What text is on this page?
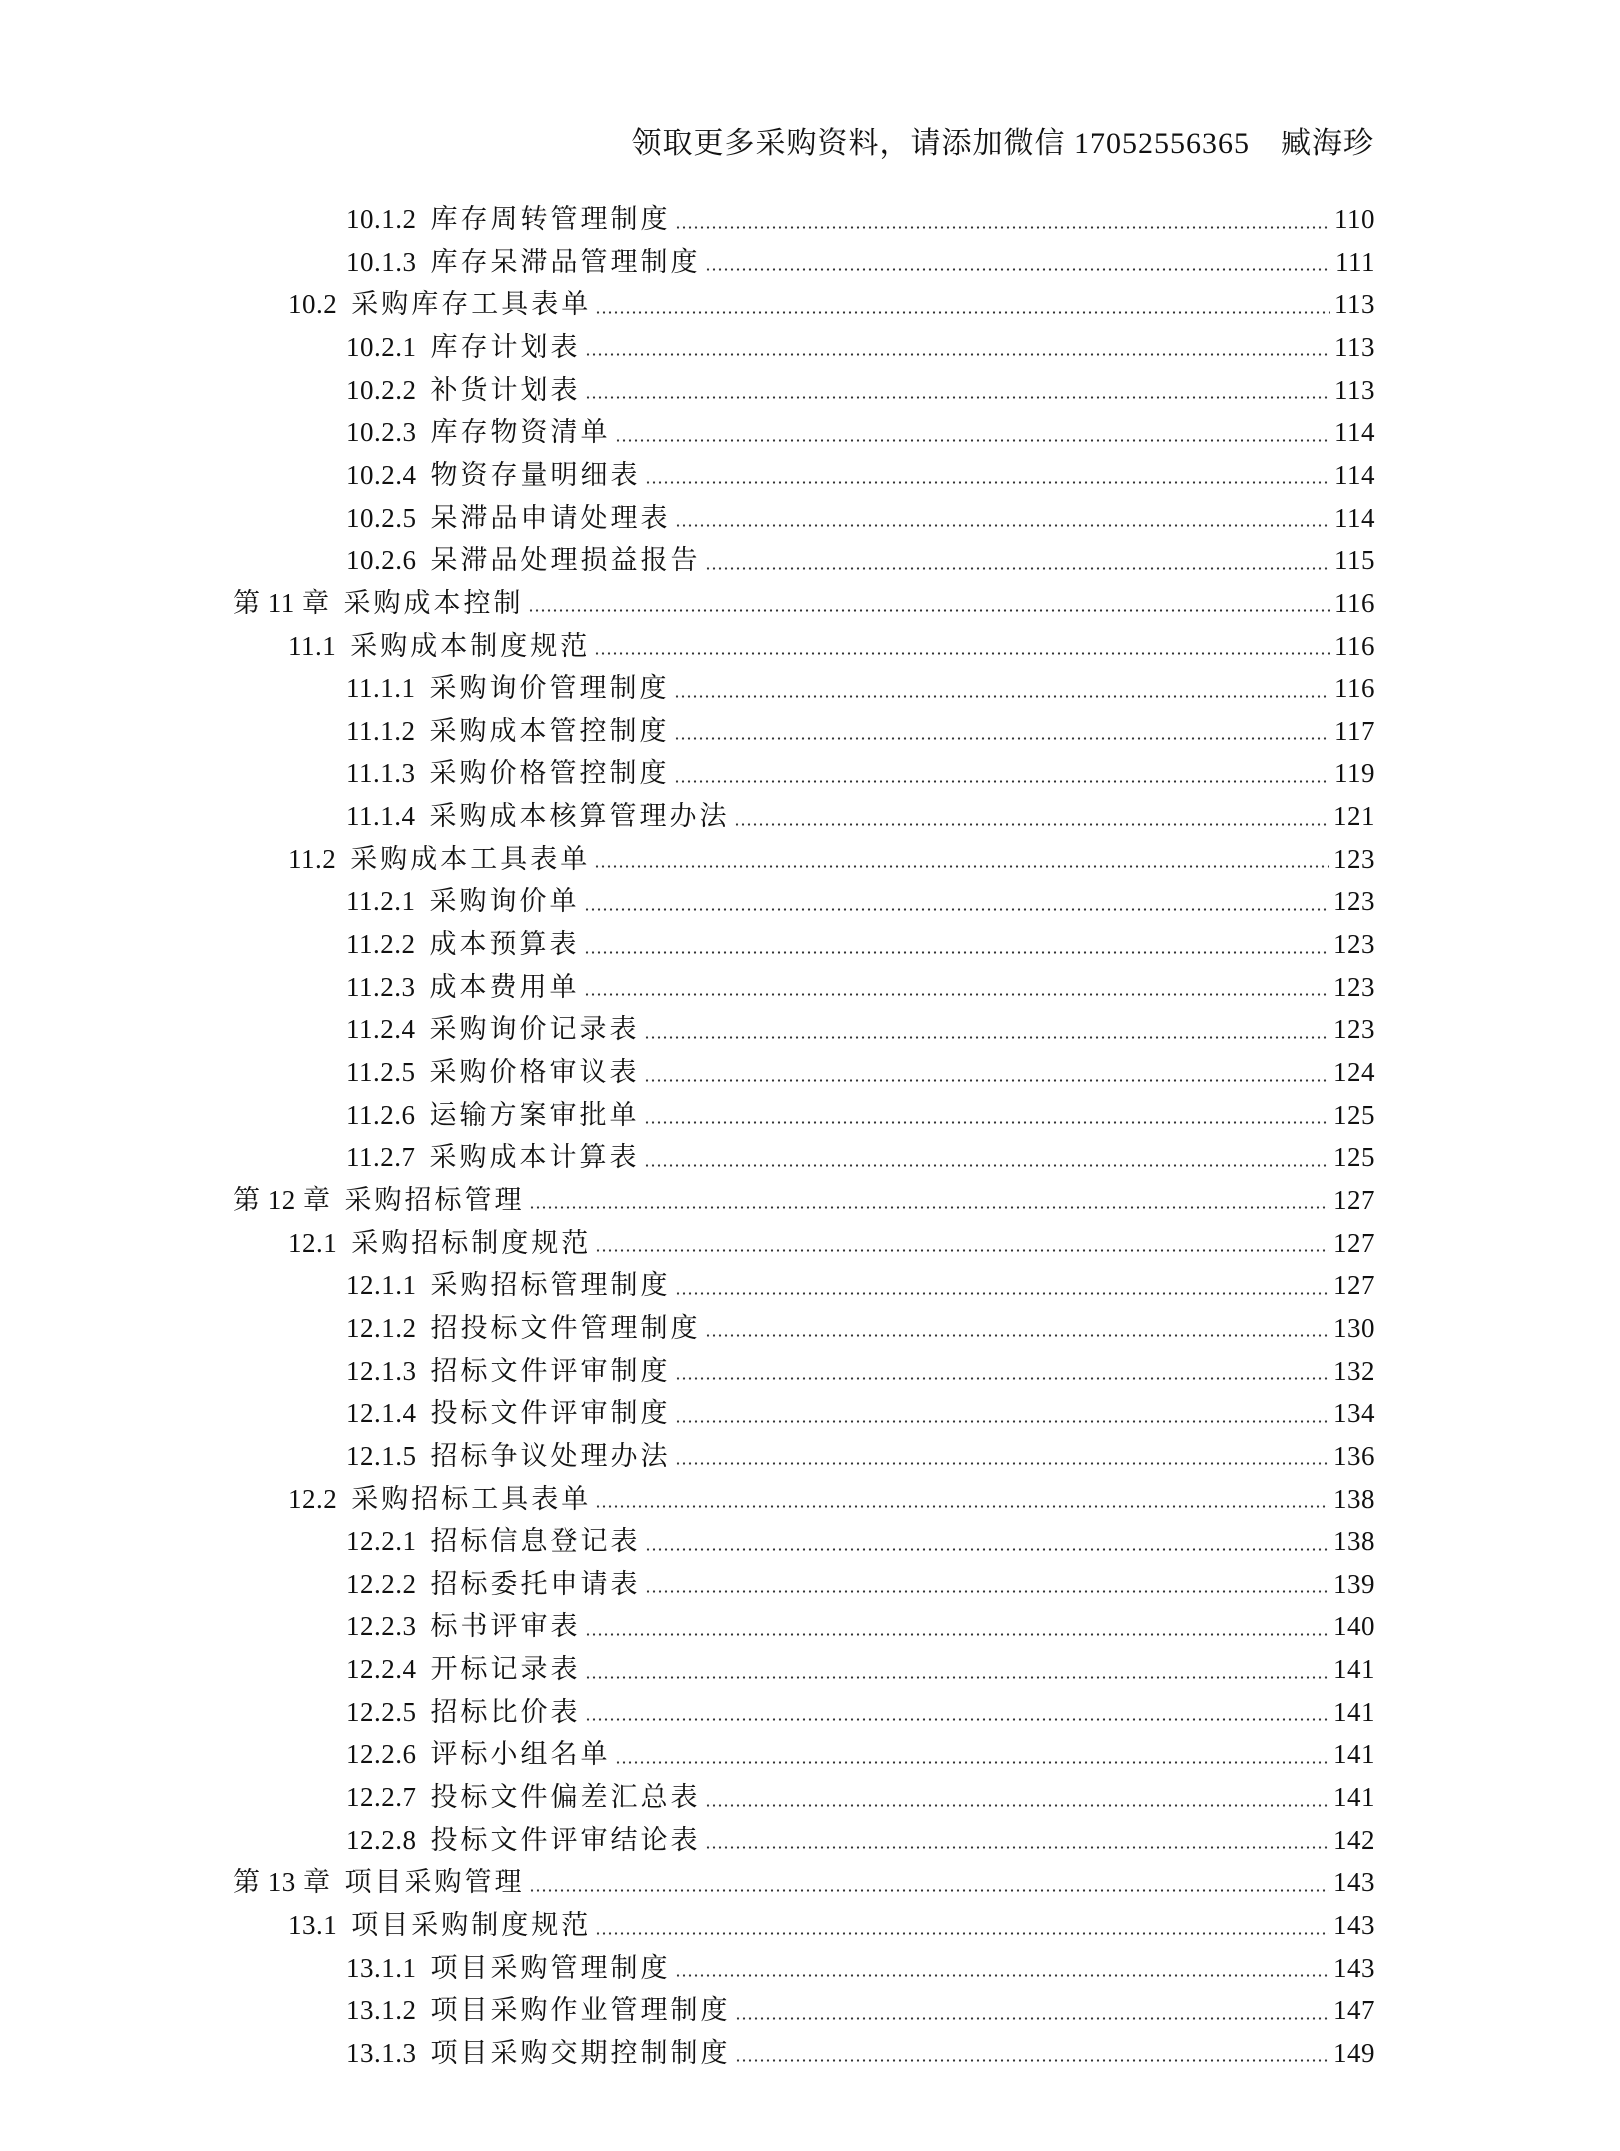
领取更多采购资料，请添加微信 17052556365　臧海珍
10.1.2 库存周转管理制度	110
10.1.3 库存呆滞品管理制度	111
10.2 采购库存工具表单	113
10.2.1 库存计划表	113
10.2.2 补货计划表	113
10.2.3 库存物资清单	114
10.2.4 物资存量明细表	114
10.2.5 呆滞品申请处理表	114
10.2.6 呆滞品处理损益报告	115
第 11 章 采购成本控制	116
11.1 采购成本制度规范	116
11.1.1 采购询价管理制度	116
11.1.2 采购成本管控制度	117
11.1.3 采购价格管控制度	119
11.1.4 采购成本核算管理办法	121
11.2 采购成本工具表单	123
11.2.1 采购询价单	123
11.2.2 成本预算表	123
11.2.3 成本费用单	123
11.2.4 采购询价记录表	123
11.2.5 采购价格审议表	124
11.2.6 运输方案审批单	125
11.2.7 采购成本计算表	125
第 12 章 采购招标管理	127
12.1 采购招标制度规范	127
12.1.1 采购招标管理制度	127
12.1.2 招投标文件管理制度	130
12.1.3 招标文件评审制度	132
12.1.4 投标文件评审制度	134
12.1.5 招标争议处理办法	136
12.2 采购招标工具表单	138
12.2.1 招标信息登记表	138
12.2.2 招标委托申请表	139
12.2.3 标书评审表	140
12.2.4 开标记录表	141
12.2.5 招标比价表	141
12.2.6 评标小组名单	141
12.2.7 投标文件偏差汇总表	141
12.2.8 投标文件评审结论表	142
第 13 章 项目采购管理	143
13.1 项目采购制度规范	143
13.1.1 项目采购管理制度	143
13.1.2 项目采购作业管理制度	147
13.1.3 项目采购交期控制制度	149
